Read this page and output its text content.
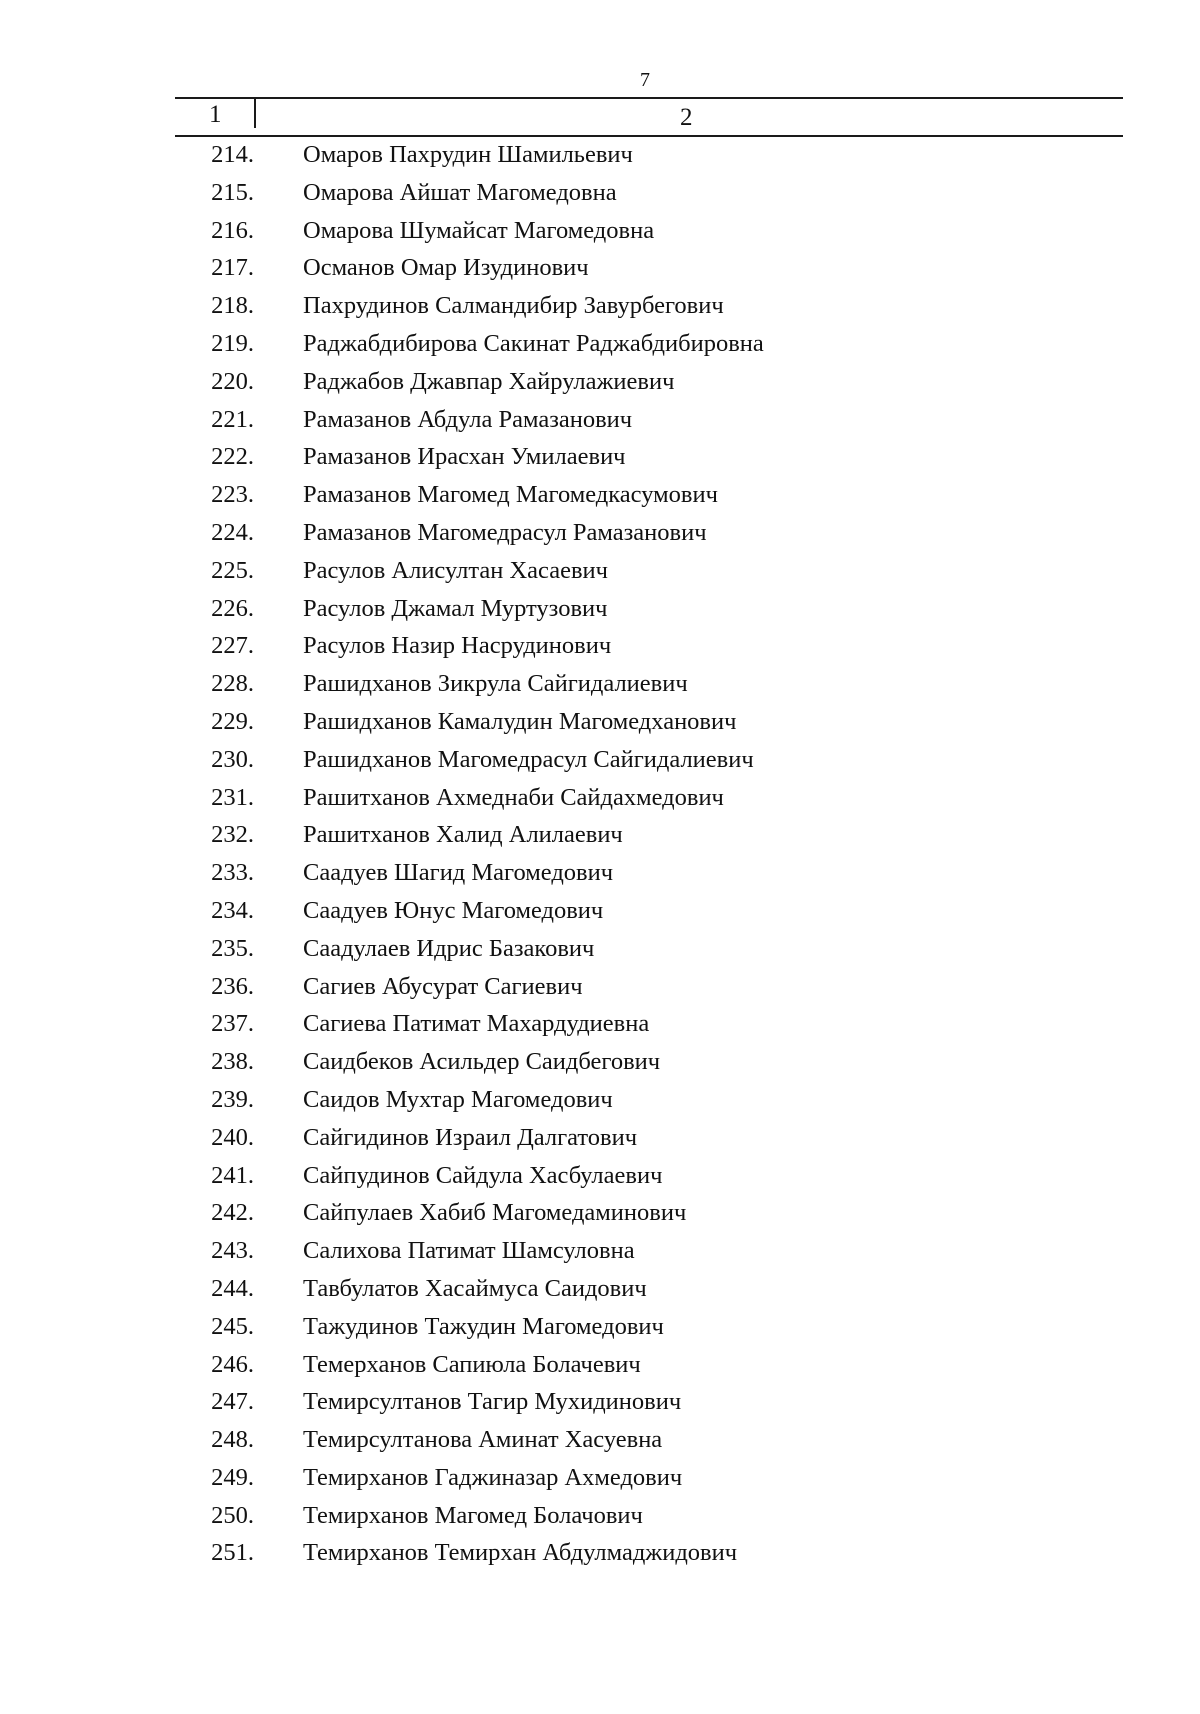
7
1	2
214. Омаров Пахрудин Шамильевич
215. Омарова Айшат Магомедовна
216. Омарова Шумайсат Магомедовна
217. Османов Омар Изудинович
218. Пахрудинов Салмандибир Завурбегович
219. Раджабдибирова Сакинат Раджабдибировна
220. Раджабов Джавпар Хайрулажиевич
221. Рамазанов Абдула Рамазанович
222. Рамазанов Ирасхан Умилаевич
223. Рамазанов Магомед Магомедкасумович
224. Рамазанов Магомедрасул Рамазанович
225. Расулов Алисултан Хасаевич
226. Расулов Джамал Муртузович
227. Расулов Назир Насрудинович
228. Рашидханов Зикрула Сайгидалиевич
229. Рашидханов Камалудин Магомедханович
230. Рашидханов Магомедрасул Сайгидалиевич
231. Рашитханов Ахмеднаби Сайдахмедович
232. Рашитханов Халид Алилаевич
233. Саадуев Шагид Магомедович
234. Саадуев Юнус Магомедович
235. Саадулаев Идрис Базакович
236. Сагиев Абусурат Сагиевич
237. Сагиева Патимат Махардудиевна
238. Саидбеков Асильдер Саидбегович
239. Саидов Мухтар Магомедович
240. Сайгидинов Израил Далгатович
241. Сайпудинов Сайдула Хасбулаевич
242. Сайпулаев Хабиб Магомедаминович
243. Салихова Патимат Шамсуловна
244. Тавбулатов Хасаймуса Саидович
245. Тажудинов Тажудин Магомедович
246. Темерханов Сапиюла Болачевич
247. Темирсултанов Тагир Мухидинович
248. Темирсултанова Аминат Хасуевна
249. Темирханов Гаджиназар Ахмедович
250. Темирханов Магомед Болачович
251. Темирханов Темирхан Абдулмаджидович
